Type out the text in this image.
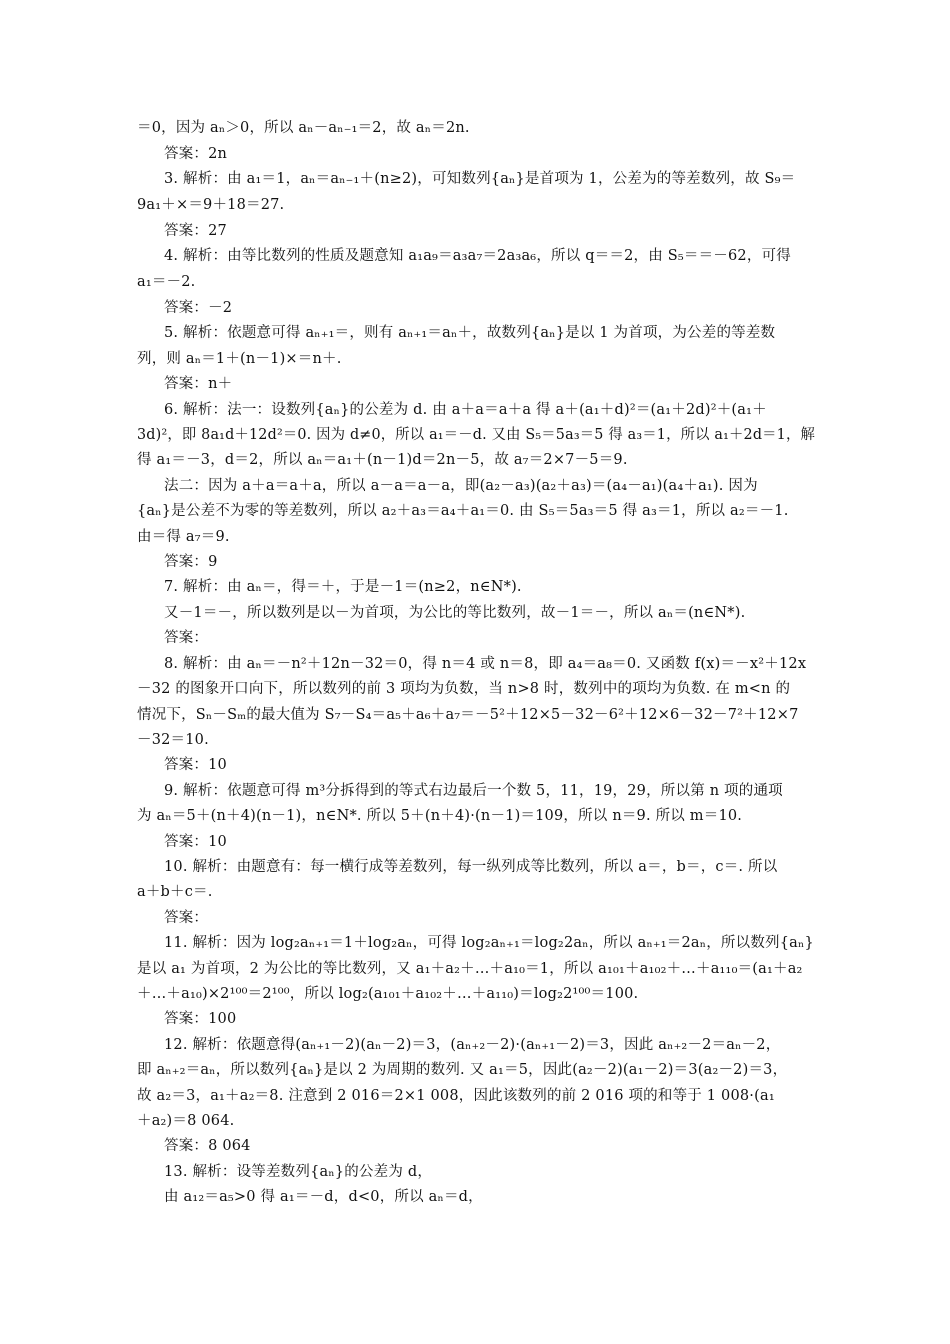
＝0，因为 aₙ＞0，所以 aₙ－aₙ₋₁＝2，故 aₙ＝2n.
答案：2n
3. 解析：由 a₁＝1，aₙ＝aₙ₋₁＋(n≥2)，可知数列{aₙ}是首项为 1，公差为的等差数列，故 S₉＝
9a₁＋×＝9＋18＝27.
答案：27
4. 解析：由等比数列的性质及题意知 a₁a₉＝a₃a₇＝2a₃a₆，所以 q＝＝2，由 S₅＝＝－62，可得
a₁＝－2.
答案：－2
5. 解析：依题意可得 aₙ₊₁＝，则有 aₙ₊₁＝aₙ＋，故数列{aₙ}是以 1 为首项，为公差的等差数
列，则 aₙ＝1＋(n－1)×＝n＋.
答案：n＋
6. 解析：法一：设数列{aₙ}的公差为 d. 由 a＋a＝a＋a 得 a＋(a₁＋d)²＝(a₁＋2d)²＋(a₁＋
3d)²，即 8a₁d＋12d²＝0. 因为 d≠0，所以 a₁＝－d. 又由 S₅＝5a₃＝5 得 a₃＝1，所以 a₁＋2d＝1，解
得 a₁＝－3，d＝2，所以 aₙ＝a₁＋(n－1)d＝2n－5，故 a₇＝2×7－5＝9.
法二：因为 a＋a＝a＋a，所以 a－a＝a－a，即(a₂－a₃)(a₂＋a₃)＝(a₄－a₁)(a₄＋a₁). 因为
{aₙ}是公差不为零的等差数列，所以 a₂＋a₃＝a₄＋a₁＝0. 由 S₅＝5a₃＝5 得 a₃＝1，所以 a₂＝－1.
由＝得 a₇＝9.
答案：9
7. 解析：由 aₙ＝，得＝＋，于是－1＝(n≥2，n∈N*).
又－1＝－，所以数列是以－为首项，为公比的等比数列，故－1＝－，所以 aₙ＝(n∈N*).
答案：
8. 解析：由 aₙ＝－n²＋12n－32＝0，得 n＝4 或 n＝8，即 a₄＝a₈＝0. 又函数 f(x)＝－x²＋12x
－32 的图象开口向下，所以数列的前 3 项均为负数，当 n>8 时，数列中的项均为负数. 在 m<n 的
情况下，Sₙ－Sₘ的最大值为 S₇－S₄＝a₅＋a₆＋a₇＝－5²＋12×5－32－6²＋12×6－32－7²＋12×7
－32＝10.
答案：10
9. 解析：依题意可得 m³分拆得到的等式右边最后一个数 5，11，19，29，所以第 n 项的通项
为 aₙ＝5＋(n＋4)(n－1)，n∈N*. 所以 5＋(n＋4)·(n－1)＝109，所以 n＝9. 所以 m＝10.
答案：10
10. 解析：由题意有：每一横行成等差数列，每一纵列成等比数列，所以 a＝，b＝，c＝. 所以
a＋b＋c＝.
答案：
11. 解析：因为 log₂aₙ₊₁＝1＋log₂aₙ，可得 log₂aₙ₊₁＝log₂2aₙ，所以 aₙ₊₁＝2aₙ，所以数列{aₙ}
是以 a₁ 为首项，2 为公比的等比数列，又 a₁＋a₂＋…＋a₁₀＝1，所以 a₁₀₁＋a₁₀₂＋…＋a₁₁₀＝(a₁＋a₂
＋…＋a₁₀)×2¹⁰⁰＝2¹⁰⁰，所以 log₂(a₁₀₁＋a₁₀₂＋…＋a₁₁₀)＝log₂2¹⁰⁰＝100.
答案：100
12. 解析：依题意得(aₙ₊₁－2)(aₙ－2)＝3，(aₙ₊₂－2)·(aₙ₊₁－2)＝3，因此 aₙ₊₂－2＝aₙ－2，
即 aₙ₊₂＝aₙ，所以数列{aₙ}是以 2 为周期的数列. 又 a₁＝5，因此(a₂－2)(a₁－2)＝3(a₂－2)＝3，
故 a₂＝3，a₁＋a₂＝8. 注意到 2 016＝2×1 008，因此该数列的前 2 016 项的和等于 1 008·(a₁
＋a₂)＝8 064.
答案：8 064
13. 解析：设等差数列{aₙ}的公差为 d，
由 a₁₂＝a₅>0 得 a₁＝－d，d<0，所以 aₙ＝d，
